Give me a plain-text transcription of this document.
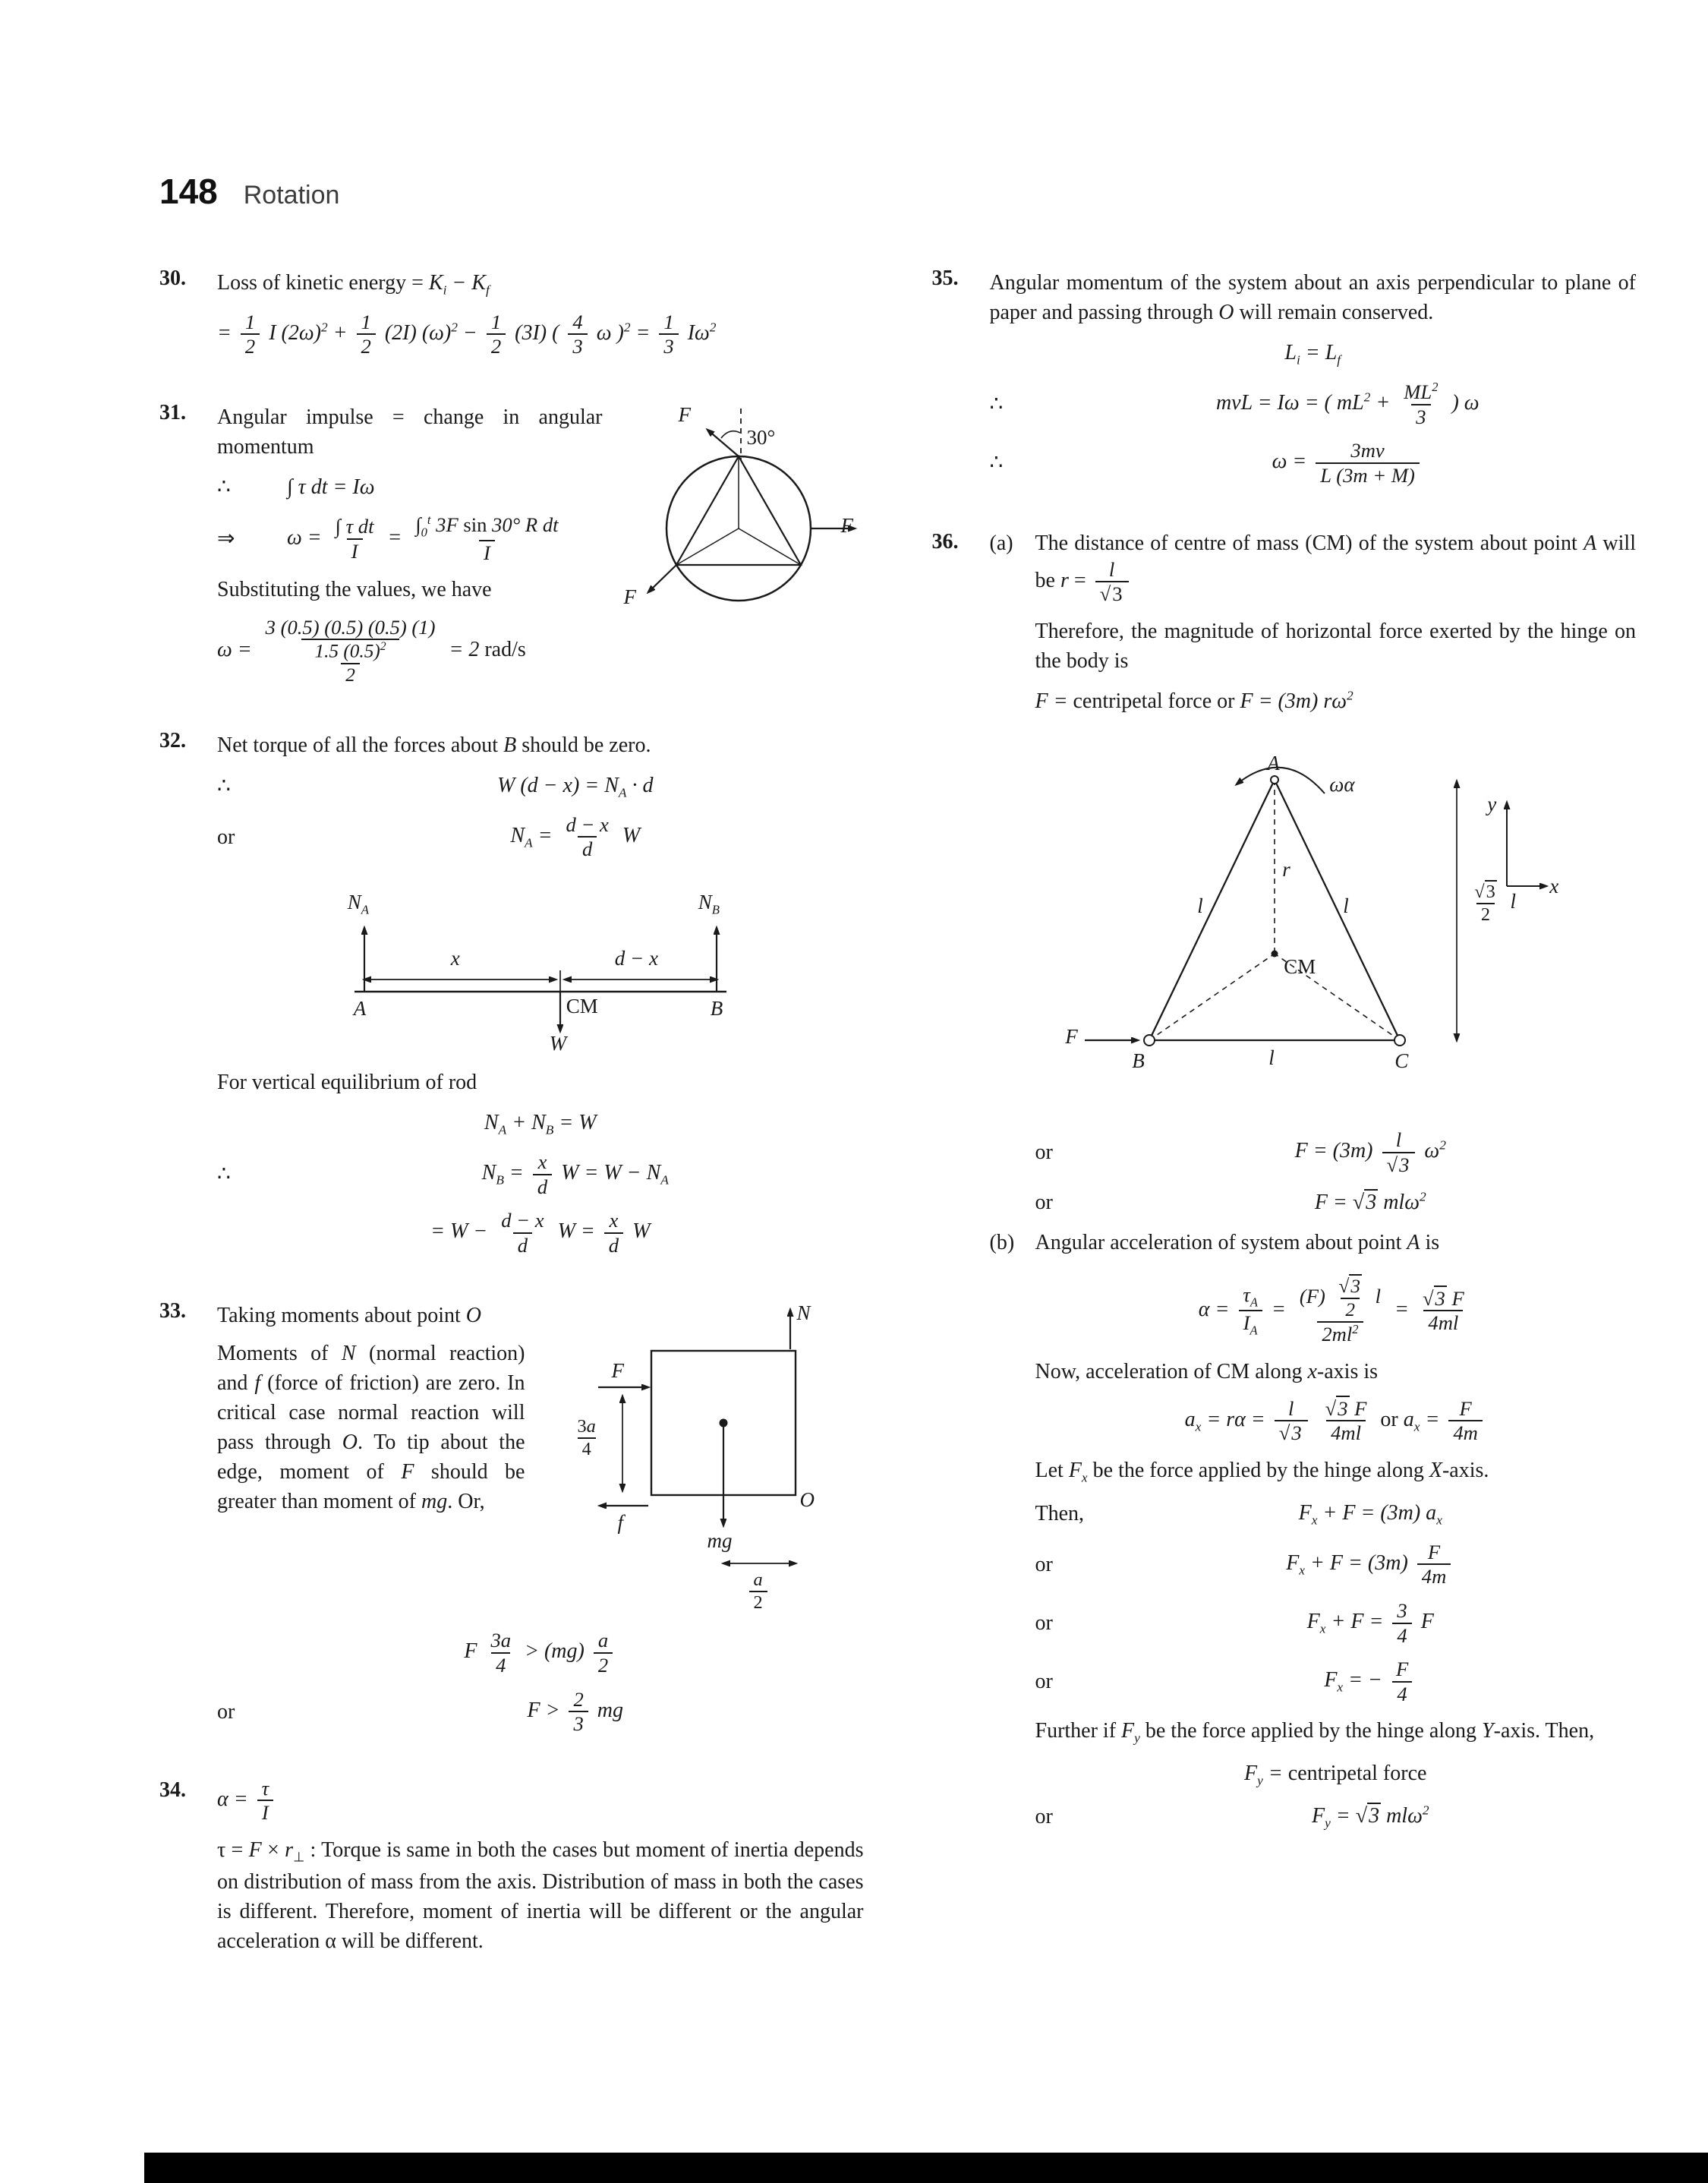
148 Rotation
30.	Loss of kinetic energy = $K_i - K_f$

= $\frac{1}{2}$ I $(2\omega)^2 + \frac{1}{2} (2I) (\omega)^2 - \frac{1}{2} (3I)$ ( $\frac{4}{3}$ ω )$^2 = \frac{1}{3} I\omega^2$
31.	F
30°
F
F

Angular impulse = change in angular momentum

∴	∫ τ dt = Iω
⇒	$\omega = \frac{\text{∫ τ dt}}{I} = \frac{\int_0^t 3F \sin 30^\circ R dt}{I}$

Substituting the values, we have

$\omega = \frac{3 (0.5) (0.5) (0.5) (1)}{\frac{1.5 (0.5)^2}{2}} = 2$ rad/s
32.	Net torque of all the forces about B should be zero.

∴	W $(d - x) = N_A \cdot d$
or	$N_A = \frac{d - x}{d}$ W
$N_A$	$N_B$
x	d − x
A	CM	B
W

For vertical equilibrium of rod

$N_A + N_B = W$
∴	$N_B = \frac{x}{d}$ $W = W - N_A$
= $W - \frac{d - x}{d}$ $W = \frac{x}{d}$ W
33.	N
F
$\frac{3a}{4}$
f
mg
O
$\frac{a}{2}$

Taking moments about point O

Moments of N (normal reaction) and f (force of friction) are zero. In critical case normal reaction will pass through O. To tip about the edge, moment of F should be greater than moment of mg. Or,

F $\frac{3a}{4} > (mg) \frac{a}{2}$
or	$F > \frac{2}{3}$ mg
34.	$\alpha = \frac{\tau}{I}$

$\tau = F \times r_\perp$ : Torque is same in both the cases but moment of inertia depends on distribution of mass from the axis. Distribution of mass in both the cases is different. Therefore, moment of inertia will be different or the angular acceleration α will be different.

35.	Angular momentum of the system about an axis perpendicular to plane of paper and passing through O will remain conserved.

$L_i = L_f$
∴	mvL = Iω = ( $mL^2 + \frac{ML^2}{3}$ ) ω
∴	$\omega = \frac{3mv}{L (3m + M)}$
36.	(a)	The distance of centre of mass (CM) of the system about point A will be $r = \frac{l}{√3}$

Therefore, the magnitude of horizontal force exerted by the hinge on the body is

F = centripetal force or F = (3m) $r\omega^2$
A
ωα
r
l	l
CM
F
B	C
l
$\frac{√3}{2}$ l
y
x
or	$F = (3m) \frac{l}{√3} \omega^2$
or	F = √3 mlω$^2$
(b) Angular acceleration of system about point A is

$\alpha = \frac{\tau_A}{I_A} = \frac{(F) \frac{√3}{2} l}{2ml^2} = \frac{√3 F}{4ml}$

Now, acceleration of CM along x-axis is

$a_x = r\alpha = \frac{l}{√3}$
$\frac{√3 F}{4ml}$ or $a_x = \frac{F}{4m}$

Let $F_x$ be the force applied by the hinge along X-axis.

Then,	$F_x + F = (3m)$ $a_x$
or	$F_x + F = (3m) \frac{F}{4m}$
or	$F_x + F = \frac{3}{4}$ F
or	$F_x$ = − $\frac{F}{4}$

Further if $F_y$ be the force applied by the hinge along Y-axis. Then,

$F_y$ = centripetal force
or	$F_y = √3$ mlω$^2$
